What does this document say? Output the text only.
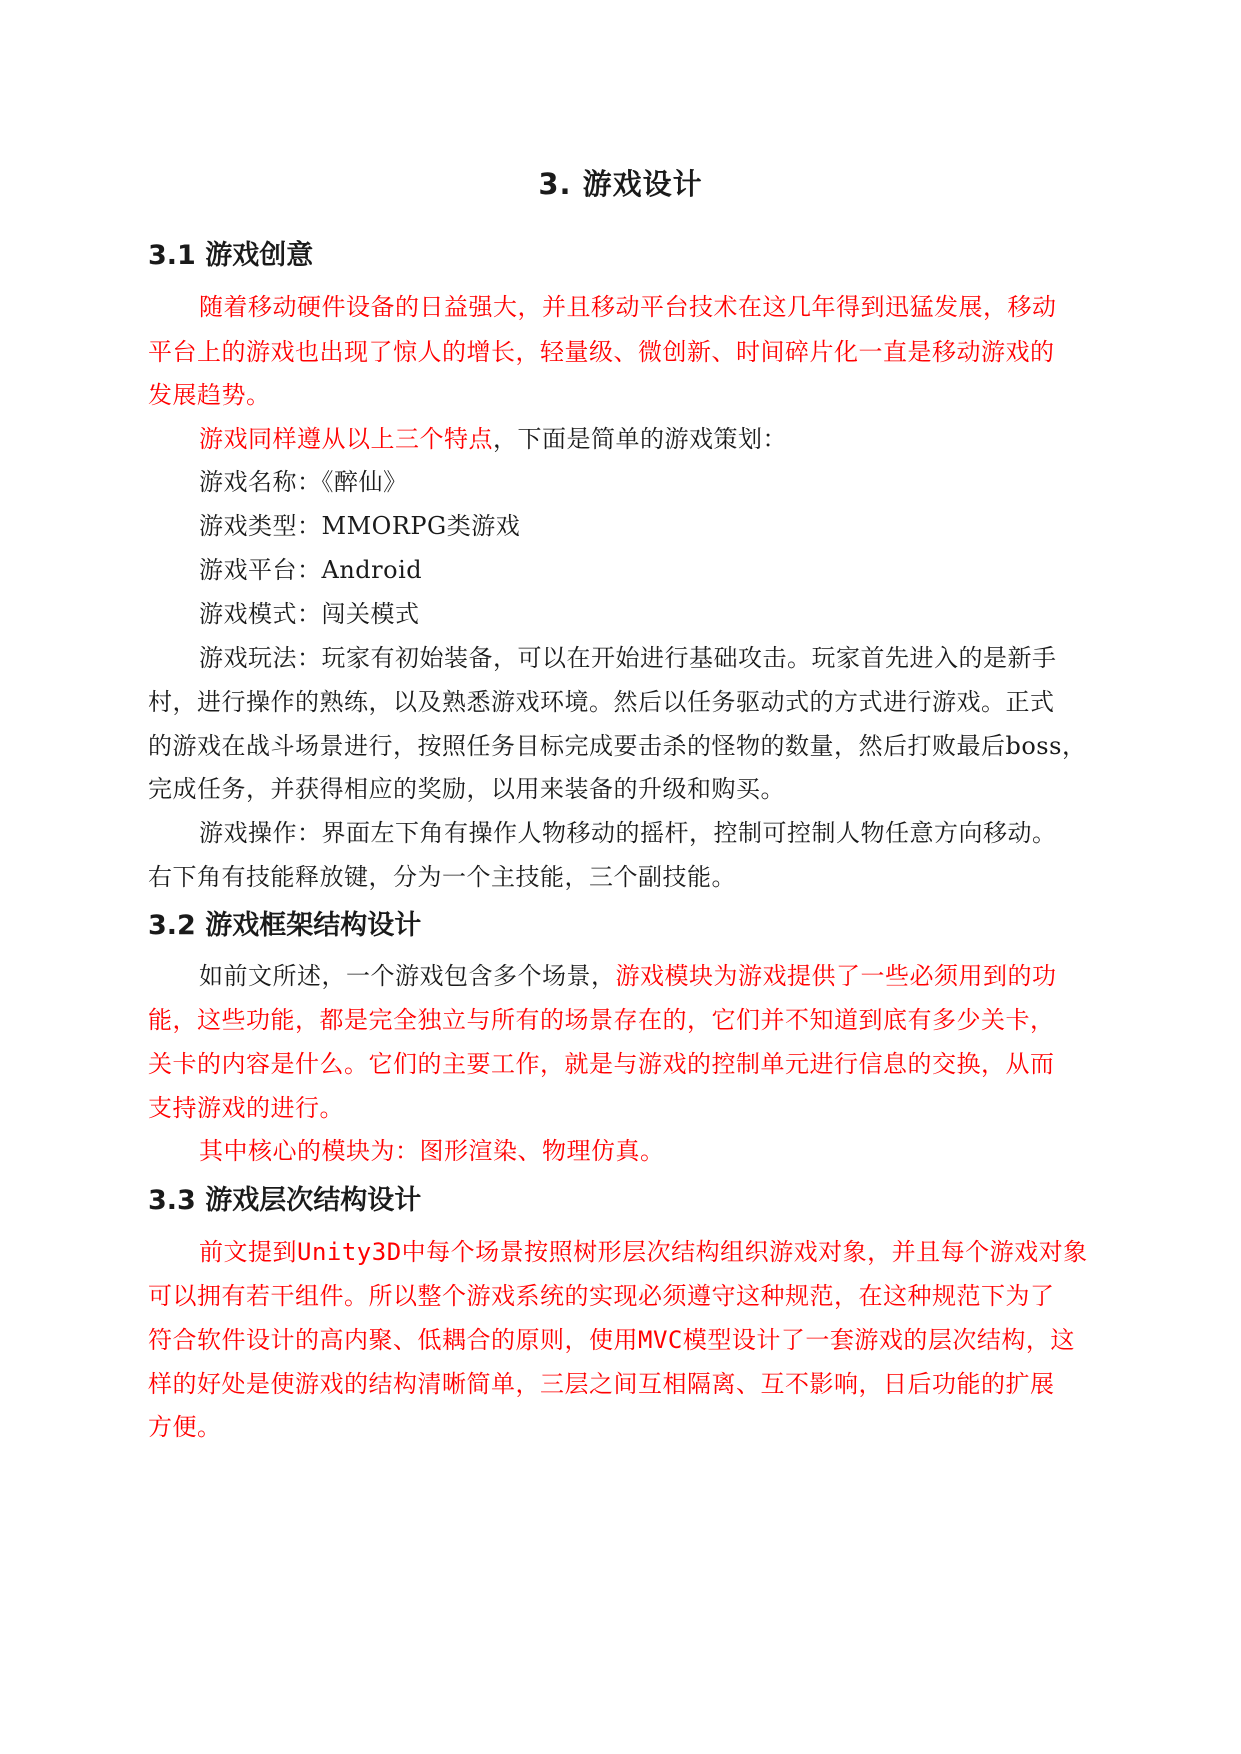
3. 游戏设计
3.1 游戏创意
随着移动硬件设备的日益强大，并且移动平台技术在这几年得到迅猛发展，移动
平台上的游戏也出现了惊人的增长，轻量级、微创新、时间碎片化一直是移动游戏的
发展趋势。
游戏同样遵从以上三个特点，下面是简单的游戏策划：
游戏名称：《醉仙》
游戏类型：MMORPG类游戏
游戏平台：Android
游戏模式：闯关模式
游戏玩法：玩家有初始装备，可以在开始进行基础攻击。玩家首先进入的是新手
村，进行操作的熟练，以及熟悉游戏环境。然后以任务驱动式的方式进行游戏。正式
的游戏在战斗场景进行，按照任务目标完成要击杀的怪物的数量，然后打败最后boss，
完成任务，并获得相应的奖励，以用来装备的升级和购买。
游戏操作：界面左下角有操作人物移动的摇杆，控制可控制人物任意方向移动。
右下角有技能释放键，分为一个主技能，三个副技能。
3.2 游戏框架结构设计
如前文所述，一个游戏包含多个场景，游戏模块为游戏提供了一些必须用到的功
能，这些功能，都是完全独立与所有的场景存在的，它们并不知道到底有多少关卡，
关卡的内容是什么。它们的主要工作，就是与游戏的控制单元进行信息的交换，从而
支持游戏的进行。
其中核心的模块为：图形渲染、物理仿真。
3.3 游戏层次结构设计
前文提到Unity3D中每个场景按照树形层次结构组织游戏对象，并且每个游戏对象
可以拥有若干组件。所以整个游戏系统的实现必须遵守这种规范，在这种规范下为了
符合软件设计的高内聚、低耦合的原则，使用MVC模型设计了一套游戏的层次结构，这
样的好处是使游戏的结构清晰简单，三层之间互相隔离、互不影响，日后功能的扩展
方便。
